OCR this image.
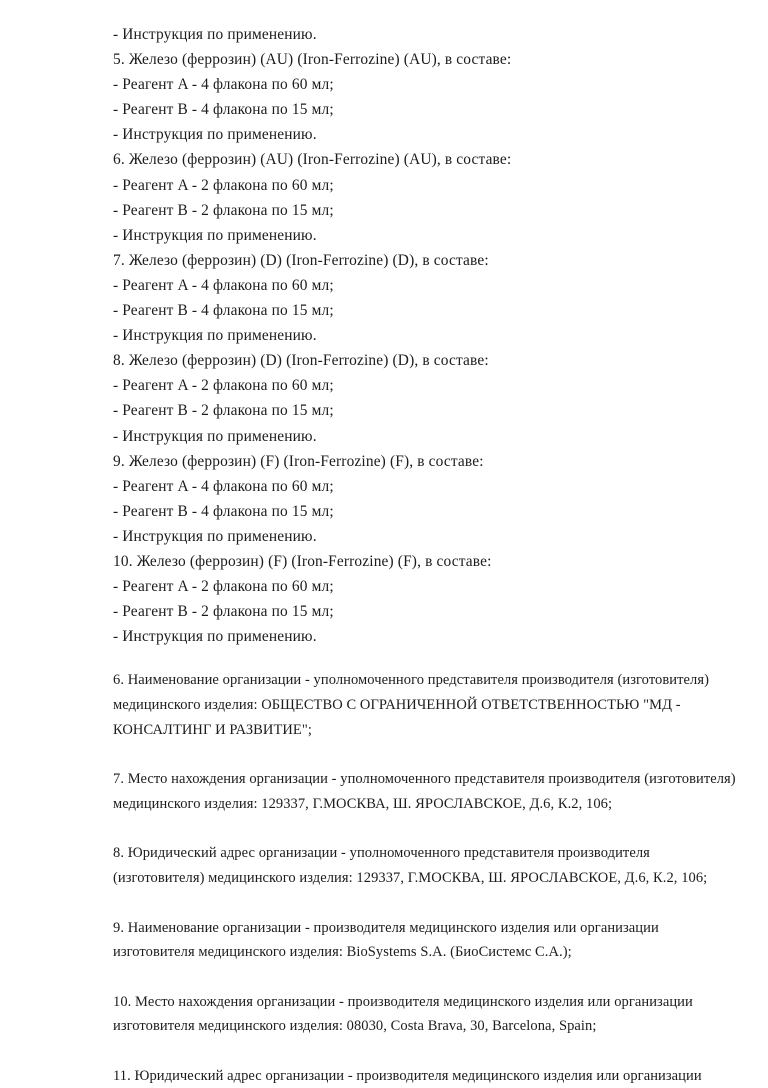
- Инструкция по применению.
5. Железо (феррозин) (AU) (Iron-Ferrozine) (AU), в составе:
- Реагент A - 4 флакона по 60 мл;
- Реагент B - 4 флакона по 15 мл;
- Инструкция по применению.
6. Железо (феррозин) (AU) (Iron-Ferrozine) (AU), в составе:
- Реагент A - 2 флакона по 60 мл;
- Реагент B - 2 флакона по 15 мл;
- Инструкция по применению.
7. Железо (феррозин) (D) (Iron-Ferrozine) (D), в составе:
- Реагент A - 4 флакона по 60 мл;
- Реагент B - 4 флакона по 15 мл;
- Инструкция по применению.
8. Железо (феррозин) (D) (Iron-Ferrozine) (D), в составе:
- Реагент A - 2 флакона по 60 мл;
- Реагент B - 2 флакона по 15 мл;
- Инструкция по применению.
9. Железо (феррозин) (F) (Iron-Ferrozine) (F), в составе:
- Реагент A - 4 флакона по 60 мл;
- Реагент B - 4 флакона по 15 мл;
- Инструкция по применению.
10. Железо (феррозин) (F) (Iron-Ferrozine) (F), в составе:
- Реагент A - 2 флакона по 60 мл;
- Реагент B - 2 флакона по 15 мл;
- Инструкция по применению.

6. Наименование организации - уполномоченного представителя производителя (изготовителя) медицинского изделия: ОБЩЕСТВО С ОГРАНИЧЕННОЙ ОТВЕТСТВЕННОСТЬЮ "МД - КОНСАЛТИНГ И РАЗВИТИЕ";

7. Место нахождения организации - уполномоченного представителя производителя (изготовителя) медицинского изделия: 129337, Г.МОСКВА, Ш. ЯРОСЛАВСКОЕ, Д.6, К.2, 106;

8. Юридический адрес организации - уполномоченного представителя производителя (изготовителя) медицинского изделия: 129337, Г.МОСКВА, Ш. ЯРОСЛАВСКОЕ, Д.6, К.2, 106;

9. Наименование организации - производителя медицинского изделия или организации изготовителя медицинского изделия: BioSystems S.A. (БиоСистемс С.А.);

10. Место нахождения организации - производителя медицинского изделия или организации изготовителя медицинского изделия: 08030, Costa Brava, 30, Barcelona, Spain;

11. Юридический адрес организации - производителя медицинского изделия или организации
